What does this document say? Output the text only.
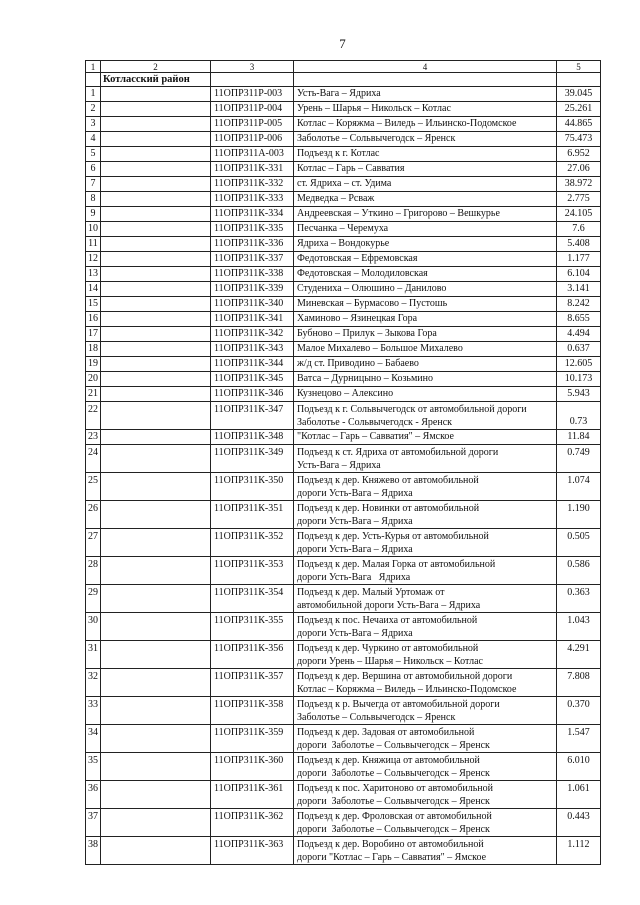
7
1	2	3	4	5
	Котласский район			
1		11ОПР311Р-003	Усть-Вага – Ядриха	39.045
2		11ОПР311Р-004	Урень – Шарья – Никольск – Котлас	25.261
3		11ОПР311Р-005	Котлас – Коряжма – Виледь – Ильинско-Подомское	44.865
4		11ОПР311Р-006	Заболотье – Сольвычегодск – Яренск	75.473
5		11ОПР311А-003	Подъезд к г. Котлас	6.952
6		11ОПР311К-331	Котлас – Гарь – Савватия	27.06
7		11ОПР311К-332	ст. Ядриха – ст. Удима	38.972
8		11ОПР311К-333	Медведка – Рсваж	2.775
9		11ОПР311К-334	Андреевская – Уткино – Григорово – Вешкурье	24.105
10		11ОПР311К-335	Песчанка – Черемуха	7.6
11		11ОПР311К-336	Ядриха – Вондокурье	5.408
12		11ОПР311К-337	Федотовская – Ефремовская	1.177
13		11ОПР311К-338	Федотовская – Молодиловская	6.104
14		11ОПР311К-339	Студениха – Олюшино – Данилово	3.141
15		11ОПР311К-340	Миневская – Бурмасово – Пустошь	8.242
16		11ОПР311К-341	Хаминово – Язинецкая Гора	8.655
17		11ОПР311К-342	Бубново – Прилук – Зыкова Гора	4.494
18		11ОПР311К-343	Малое Михалево – Большое Михалево	0.637
19		11ОПР311К-344	ж/д ст. Приводино – Бабаево	12.605
20		11ОПР311К-345	Ватса – Дурницыно – Козьмино	10.173
21		11ОПР311К-346	Кузнецово – Алексино	5.943
22		11ОПР311К-347	Подъезд к г. Сольвычегодск от автомобильной дороги
Заболотье - Сольвычегодск - Яренск	0.73
23		11ОПР311К-348	"Котлас – Гарь – Савватия" – Ямское	11.84
24		11ОПР311К-349	Подъезд к ст. Ядриха от автомобильной дороги
Усть-Вага – Ядриха	0.749
25		11ОПР311К-350	Подъезд к дер. Княжево от автомобильной
дороги Усть-Вага – Ядриха	1.074
26		11ОПР311К-351	Подъезд к дер. Новинки от автомобильной
дороги Усть-Вага – Ядриха	1.190
27		11ОПР311К-352	Подъезд к дер. Усть-Курья от автомобильной
дороги Усть-Вага – Ядриха	0.505
28		11ОПР311К-353	Подъезд к дер. Малая Горка от автомобильной
дороги Усть-Вага   Ядриха	0.586
29		11ОПР311К-354	Подъезд к дер. Малый Уртомаж от
автомобильной дороги Усть-Вага – Ядриха	0.363
30		11ОПР311К-355	Подъезд к пос. Нечаиха от автомобильной
дороги Усть-Вага – Ядриха	1.043
31		11ОПР311К-356	Подъезд к дер. Чуркино от автомобильной
дороги Урень – Шарья – Никольск – Котлас	4.291
32		11ОПР311К-357	Подъезд к дер. Вершина от автомобильной дороги
Котлас – Коряжма – Виледь – Ильинско-Подомское	7.808
33		11ОПР311К-358	Подъезд к р. Вычегда от автомобильной дороги
Заболотье – Сольвычегодск – Яренск	0.370
34		11ОПР311К-359	Подъезд к дер. Задовая от автомобильной
дороги  Заболотье – Сольвычегодск – Яренск	1.547
35		11ОПР311К-360	Подъезд к дер. Княжица от автомобильной
дороги  Заболотье – Сольвычегодск – Яренск	6.010
36		11ОПР311К-361	Подъезд к пос. Харитоново от автомобильной
дороги  Заболотье – Сольвычегодск – Яренск	1.061
37		11ОПР311К-362	Подъезд к дер. Фроловская от автомобильной
дороги  Заболотье – Сольвычегодск – Яренск	0.443
38		11ОПР311К-363	Подъезд к дер. Воробино от автомобильной
дороги "Котлас – Гарь – Савватия" – Ямское	1.112
